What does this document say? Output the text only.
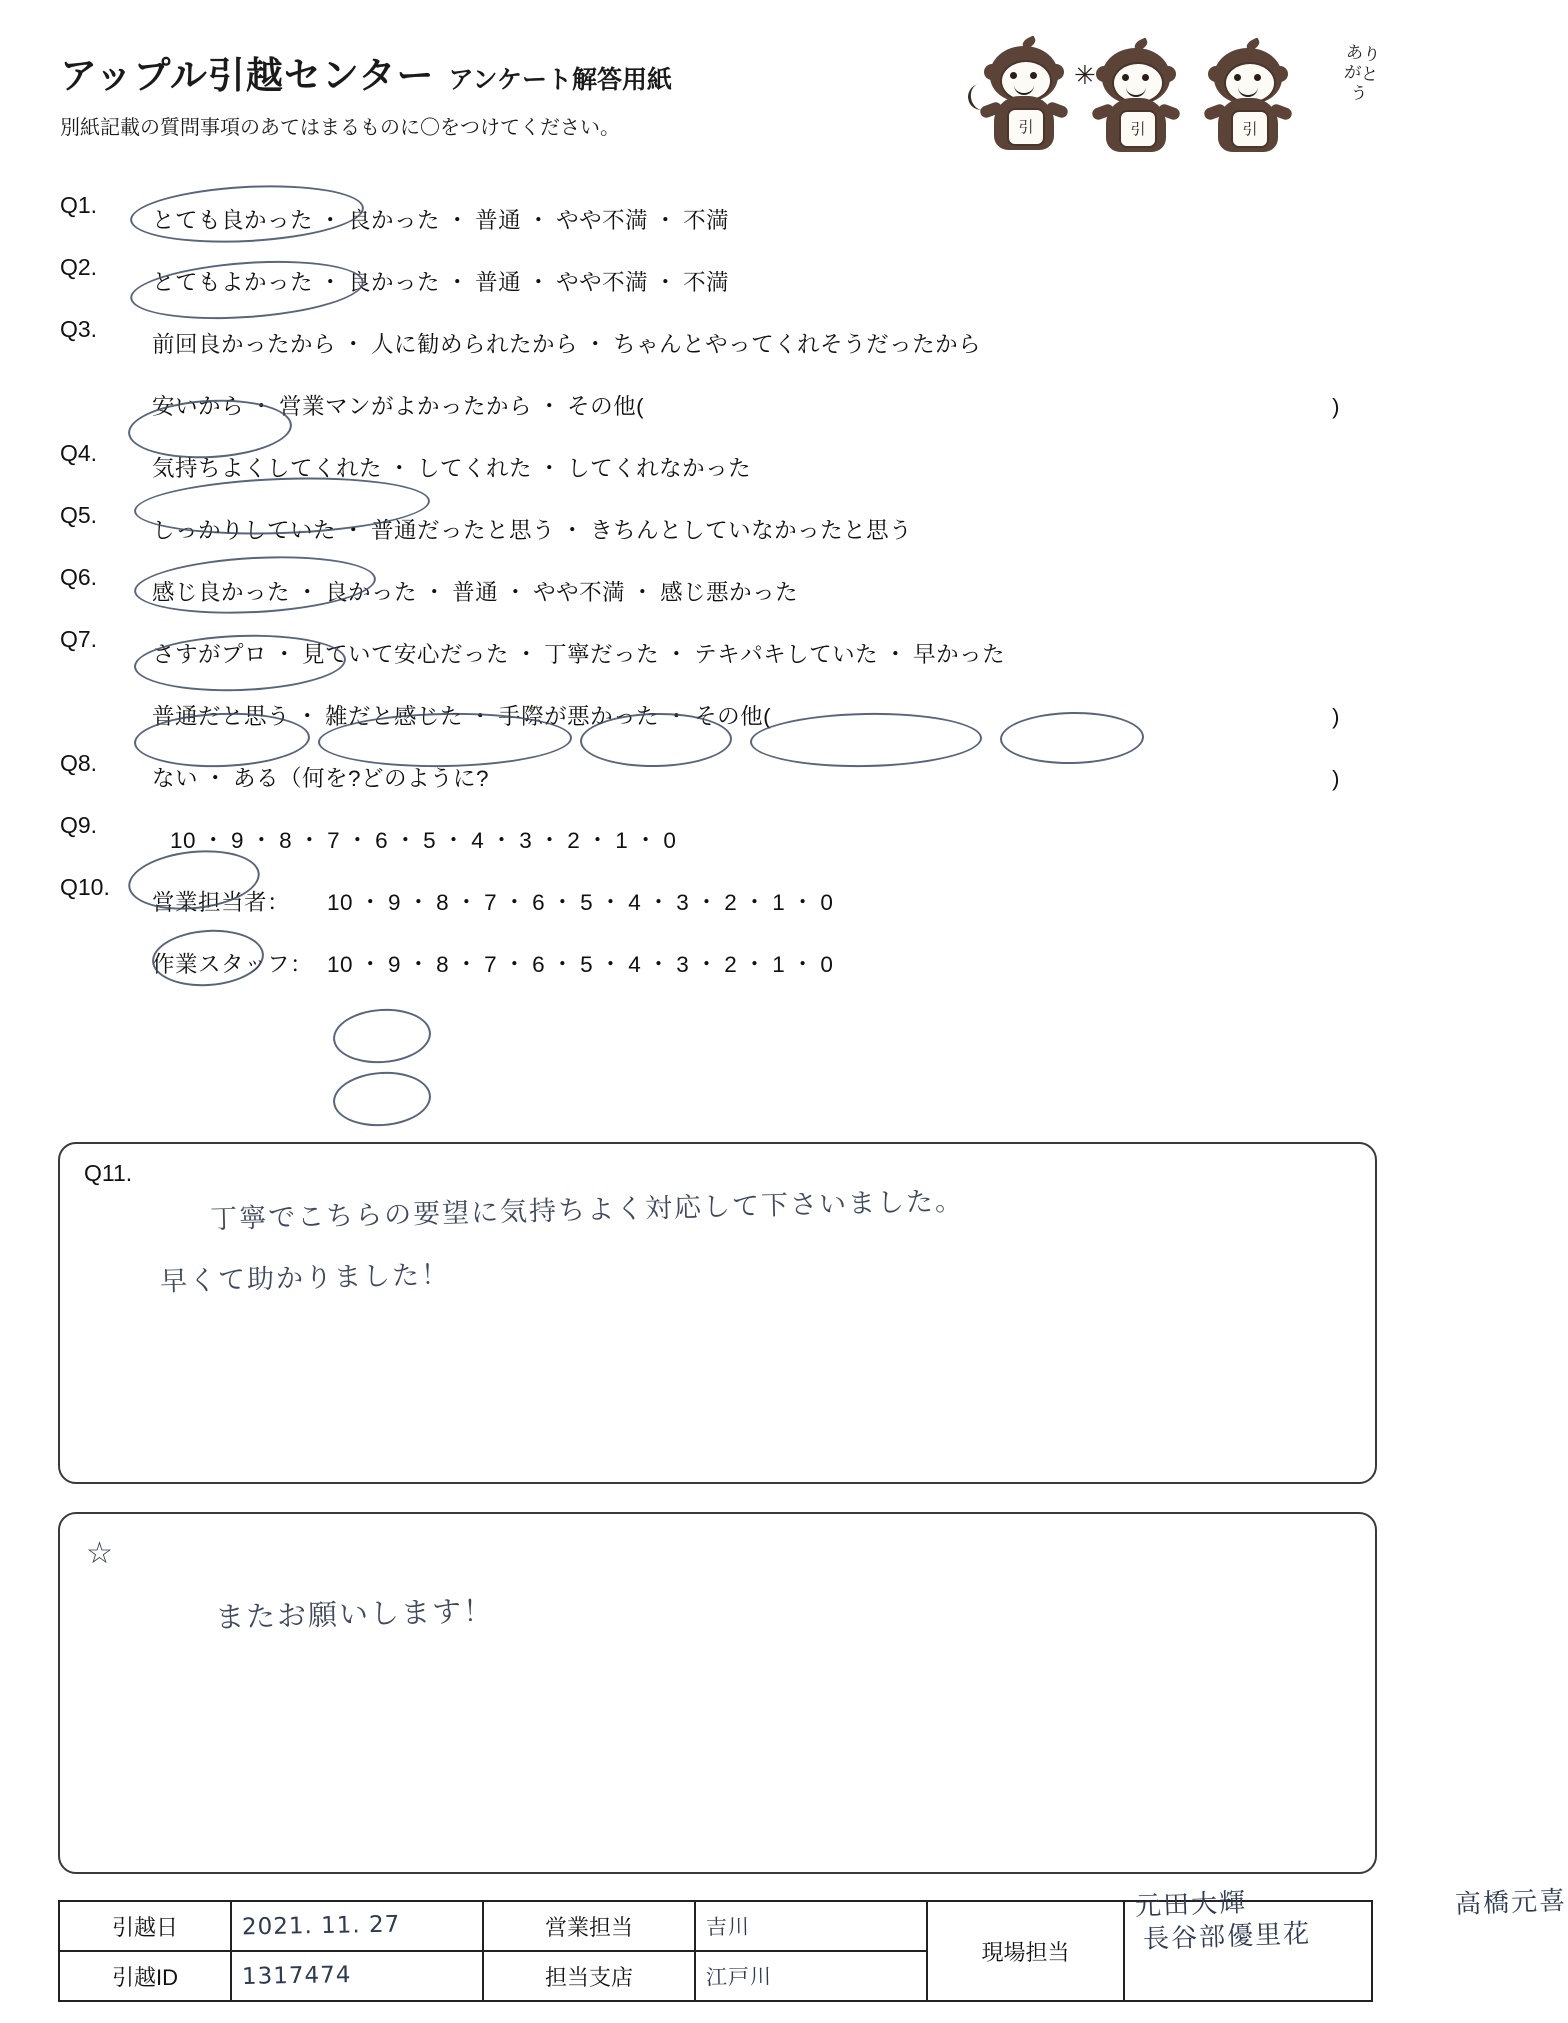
アップル引越センター アンケート解答用紙
別紙記載の質問事項のあてはまるものに〇をつけてください。
ありがとう
引
✳
引	引
Q1.
とても良かった ・ 良かった ・ 普通 ・ やや不満 ・ 不満
Q2.
とてもよかった ・ 良かった ・ 普通 ・ やや不満 ・ 不満
Q3.
前回良かったから ・ 人に勧められたから ・ ちゃんとやってくれそうだったから
安いから ・ 営業マンがよかったから ・ その他(	)
Q4.
気持ちよくしてくれた ・ してくれた ・ してくれなかった
Q5.
しっかりしていた ・ 普通だったと思う ・ きちんとしていなかったと思う
Q6.
感じ良かった ・ 良かった ・ 普通 ・ やや不満 ・ 感じ悪かった
Q7.
さすがプロ ・ 見ていて安心だった ・ 丁寧だった ・ テキパキしていた ・ 早かった
普通だと思う ・ 雑だと感じた ・ 手際が悪かった ・ その他(	)
Q8.
ない ・ ある（何を?どのように?	)
Q9.
10 ・ 9 ・ 8 ・ 7 ・ 6 ・ 5 ・ 4 ・ 3 ・ 2 ・ 1 ・ 0
Q10.
営業担当者：	10 ・ 9 ・ 8 ・ 7 ・ 6 ・ 5 ・ 4 ・ 3 ・ 2 ・ 1 ・ 0
作業スタッフ： 10 ・ 9 ・ 8 ・ 7 ・ 6 ・ 5 ・ 4 ・ 3 ・ 2 ・ 1 ・ 0
Q11.
丁寧でこちらの要望に気持ちよく対応して下さいました。
早くて助かりました！
☆
またお願いします！
引越日	2021. 11. 27	営業担当	吉川	現場担当	元田大輝 高橋元喜
長谷部優里花

引越ID	1317474	担当支店	江戸川		
